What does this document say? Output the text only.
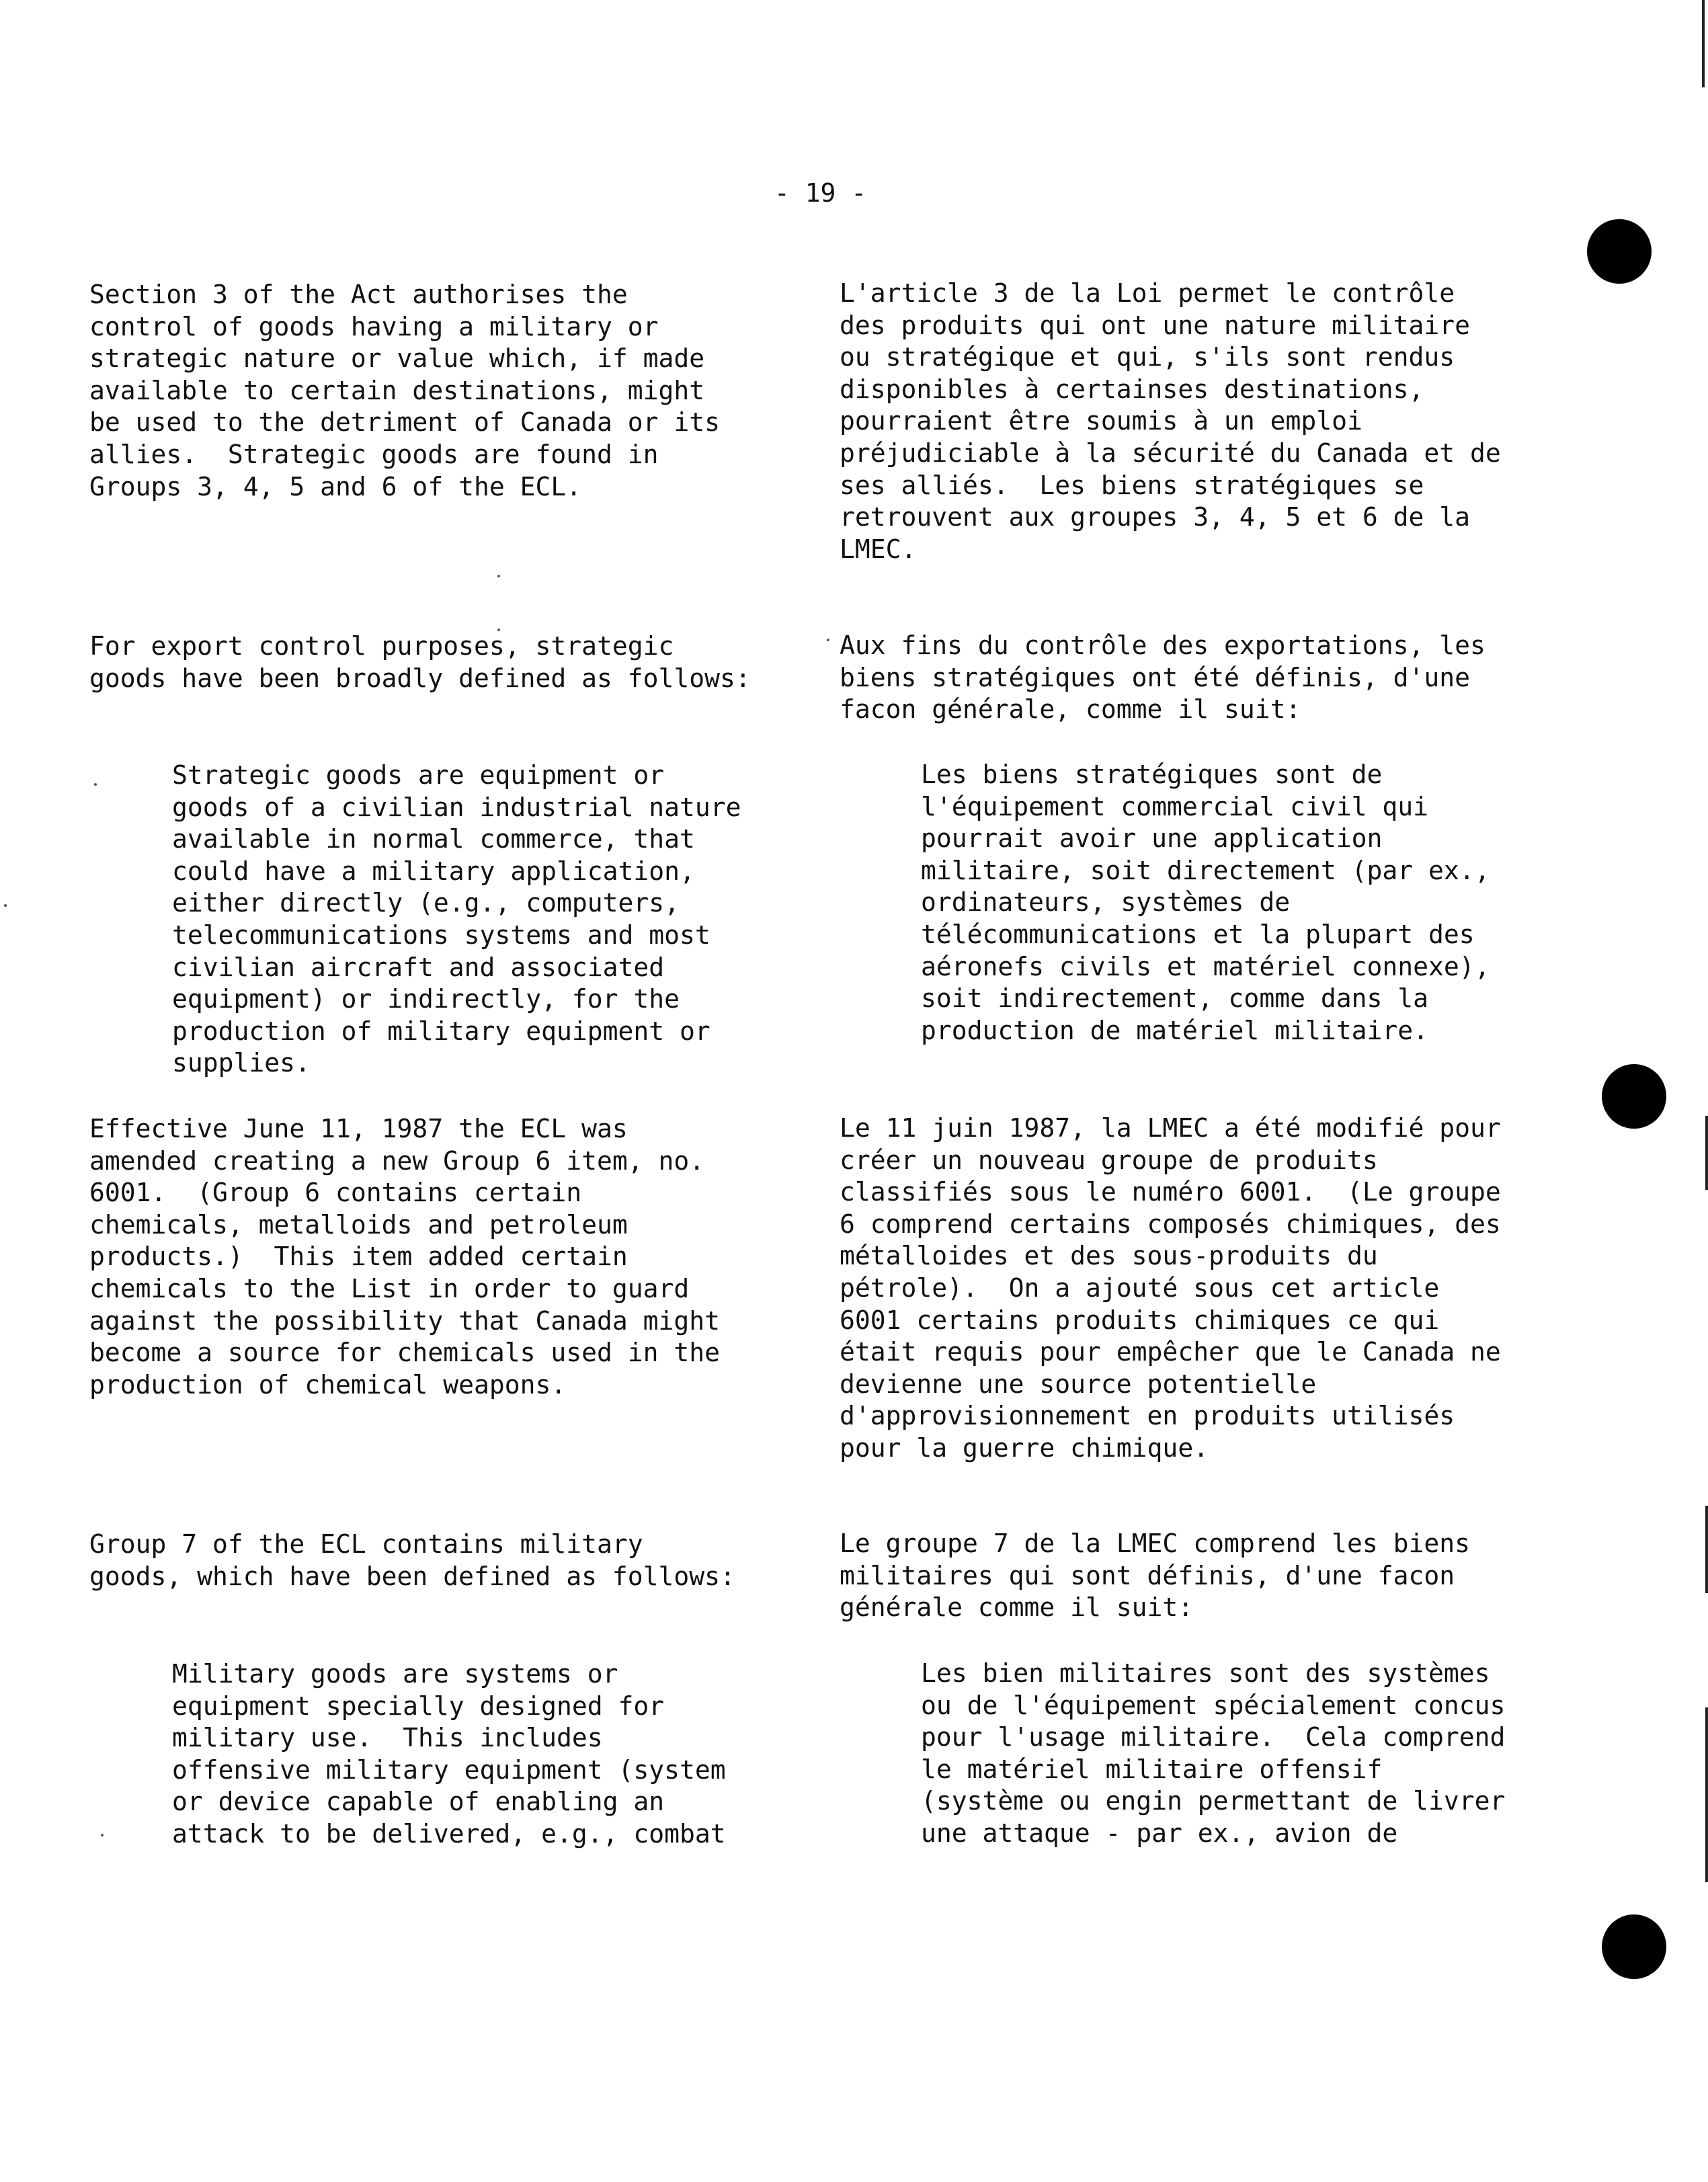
- 19 -

Section 3 of the Act authorises the
control of goods having a military or
strategic nature or value which, if made
available to certain destinations, might
be used to the detriment of Canada or its
allies.  Strategic goods are found in
Groups 3, 4, 5 and 6 of the ECL.

For export control purposes, strategic
goods have been broadly defined as follows:

Strategic goods are equipment or
goods of a civilian industrial nature
available in normal commerce, that
could have a military application,
either directly (e.g., computers,
telecommunications systems and most
civilian aircraft and associated
equipment) or indirectly, for the
production of military equipment or
supplies.

Effective June 11, 1987 the ECL was
amended creating a new Group 6 item, no.
6001.  (Group 6 contains certain
chemicals, metalloids and petroleum
products.)  This item added certain
chemicals to the List in order to guard
against the possibility that Canada might
become a source for chemicals used in the
production of chemical weapons.

Group 7 of the ECL contains military
goods, which have been defined as follows:

Military goods are systems or
equipment specially designed for
military use.  This includes
offensive military equipment (system
or device capable of enabling an
attack to be delivered, e.g., combat

L'article 3 de la Loi permet le contrôle
des produits qui ont une nature militaire
ou stratégique et qui, s'ils sont rendus
disponibles à certainses destinations,
pourraient être soumis à un emploi
préjudiciable à la sécurité du Canada et de
ses alliés.  Les biens stratégiques se
retrouvent aux groupes 3, 4, 5 et 6 de la
LMEC.

Aux fins du contrôle des exportations, les
biens stratégiques ont été définis, d'une
facon générale, comme il suit:

Les biens stratégiques sont de
l'équipement commercial civil qui
pourrait avoir une application
militaire, soit directement (par ex.,
ordinateurs, systèmes de
télécommunications et la plupart des
aéronefs civils et matériel connexe),
soit indirectement, comme dans la
production de matériel militaire.

Le 11 juin 1987, la LMEC a été modifié pour
créer un nouveau groupe de produits
classifiés sous le numéro 6001.  (Le groupe
6 comprend certains composés chimiques, des
métalloides et des sous-produits du
pétrole).  On a ajouté sous cet article
6001 certains produits chimiques ce qui
était requis pour empêcher que le Canada ne
devienne une source potentielle
d'approvisionnement en produits utilisés
pour la guerre chimique.

Le groupe 7 de la LMEC comprend les biens
militaires qui sont définis, d'une facon
générale comme il suit:

Les bien militaires sont des systèmes
ou de l'équipement spécialement concus
pour l'usage militaire.  Cela comprend
le matériel militaire offensif
(système ou engin permettant de livrer
une attaque - par ex., avion de
